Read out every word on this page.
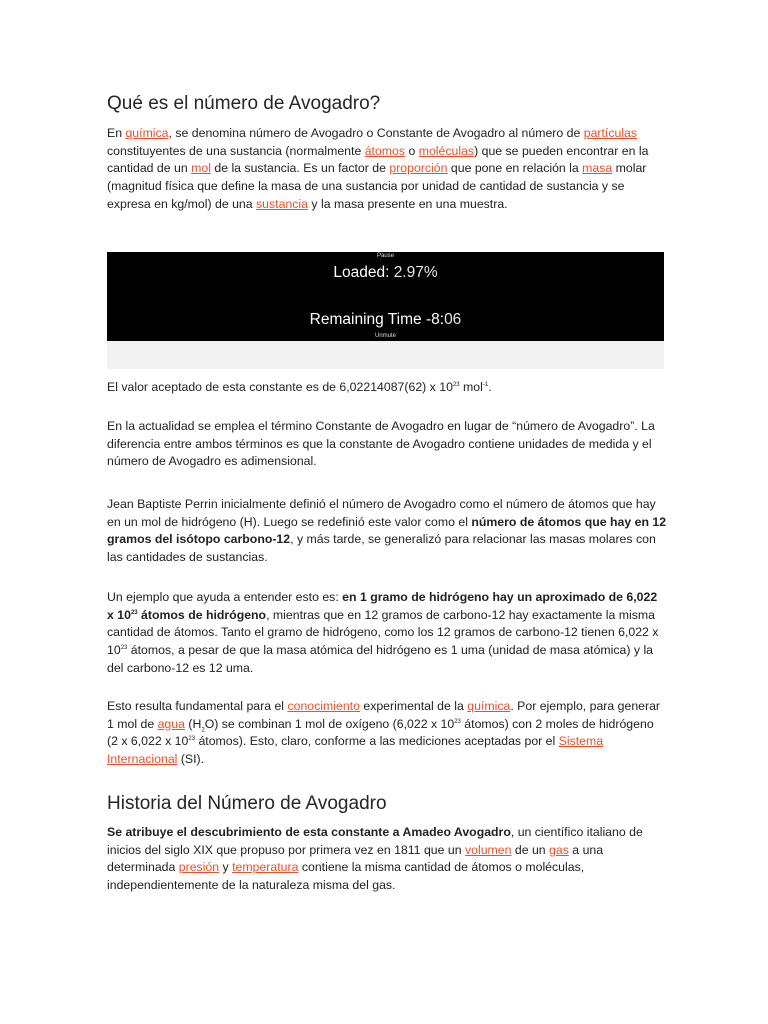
Qué es el número de Avogadro?

En química, se denomina número de Avogadro o Constante de Avogadro al número de partículas constituyentes de una sustancia (normalmente átomos o moléculas) que se pueden encontrar en la cantidad de un mol de la sustancia. Es un factor de proporción que pone en relación la masa molar (magnitud física que define la masa de una sustancia por unidad de cantidad de sustancia y se expresa en kg/mol) de una sustancia y la masa presente en una muestra.

El valor aceptado de esta constante es de 6,02214087(62) x $10^{23}$ mol$^{-1}$.

En la actualidad se emplea el término Constante de Avogadro en lugar de “número de Avogadro”. La diferencia entre ambos términos es que la constante de Avogadro contiene unidades de medida y el número de Avogadro es adimensional.

Jean Baptiste Perrin inicialmente definió el número de Avogadro como el número de átomos que hay en un mol de hidrógeno (H). Luego se redefinió este valor como el número de átomos que hay en 12 gramos del isótopo carbono-12, y más tarde, se generalizó para relacionar las masas molares con las cantidades de sustancias.

Un ejemplo que ayuda a entender esto es: en 1 gramo de hidrógeno hay un aproximado de 6,022 x $10^{23}$ átomos de hidrógeno, mientras que en 12 gramos de carbono-12 hay exactamente la misma cantidad de átomos. Tanto el gramo de hidrógeno, como los 12 gramos de carbono-12 tienen 6,022 x $10^{23}$ átomos, a pesar de que la masa atómica del hidrógeno es 1 uma (unidad de masa atómica) y la del carbono-12 es 12 uma.

Esto resulta fundamental para el conocimiento experimental de la química. Por ejemplo, para generar 1 mol de agua $(H_2O)$ se combinan 1 mol de oxígeno (6,022 x $10^{23}$ átomos) con 2 moles de hidrógeno (2 x 6,022 x $10^{23}$ átomos). Esto, claro, conforme a las mediciones aceptadas por el Sistema Internacional (SI).

Historia del Número de Avogadro

Se atribuye el descubrimiento de esta constante a Amadeo Avogadro, un científico italiano de inicios del siglo XIX que propuso por primera vez en 1811 que un volumen de un gas a una determinada presión y temperatura contiene la misma cantidad de átomos o moléculas, independientemente de la naturaleza misma del gas.

Pause
Loaded: 2.97%
Remaining Time -8:06
Unmute
